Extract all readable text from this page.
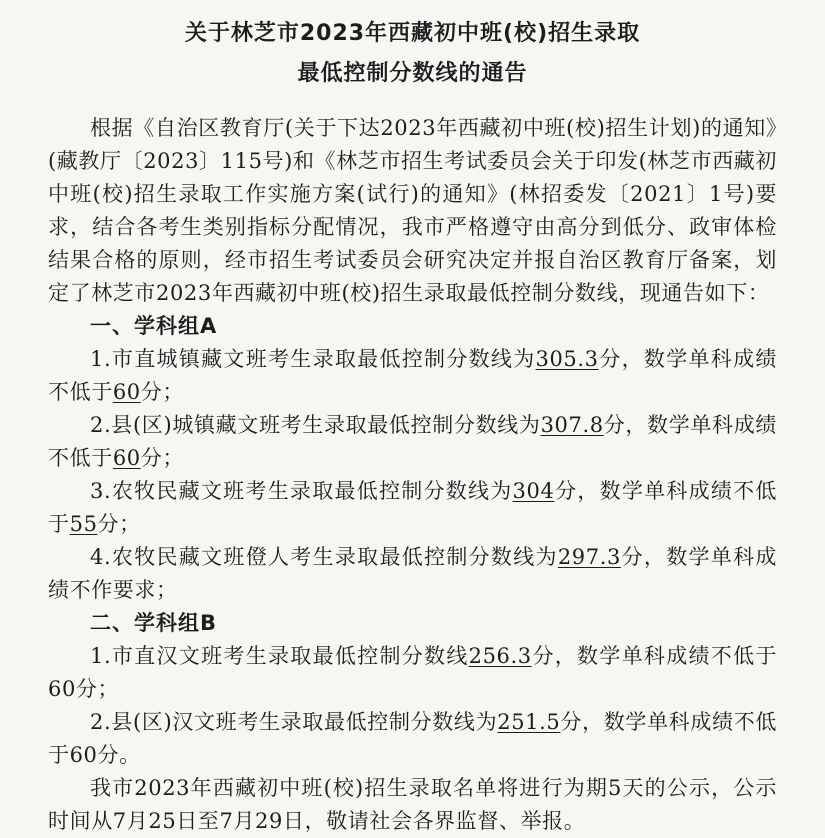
关于林芝市2023年西藏初中班(校)招生录取
最低控制分数线的通告

根据《自治区教育厅(关于下达2023年西藏初中班(校)招生计划)的通知》(藏教厅〔2023〕115号)和《林芝市招生考试委员会关于印发(林芝市西藏初中班(校)招生录取工作实施方案(试行)的通知》(林招委发〔2021〕1号)要求，结合各考生类别指标分配情况，我市严格遵守由高分到低分、政审体检结果合格的原则，经市招生考试委员会研究决定并报自治区教育厅备案，划定了林芝市2023年西藏初中班(校)招生录取最低控制分数线，现通告如下：

一、学科组A

1.市直城镇藏文班考生录取最低控制分数线为305.3分，数学单科成绩不低于60分；

2.县(区)城镇藏文班考生录取最低控制分数线为307.8分，数学单科成绩不低于60分；

3.农牧民藏文班考生录取最低控制分数线为304分，数学单科成绩不低于55分；

4.农牧民藏文班僜人考生录取最低控制分数线为297.3分，数学单科成绩不作要求；

二、学科组B

1.市直汉文班考生录取最低控制分数线256.3分，数学单科成绩不低于60分；

2.县(区)汉文班考生录取最低控制分数线为251.5分，数学单科成绩不低于60分。

我市2023年西藏初中班(校)招生录取名单将进行为期5天的公示，公示时间从7月25日至7月29日，敬请社会各界监督、举报。
